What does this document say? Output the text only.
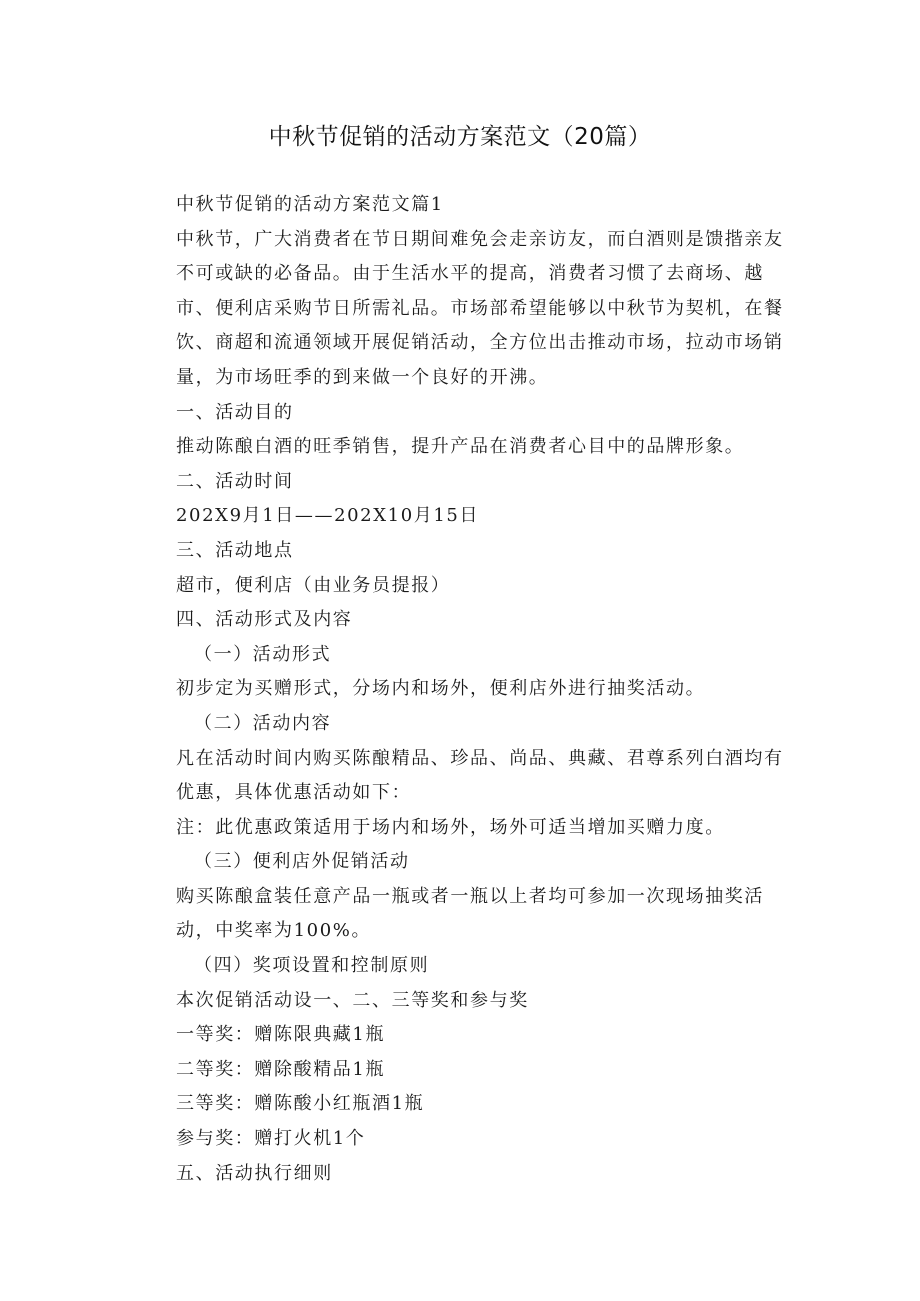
中秋节促销的活动方案范文（20篇）

中秋节促销的活动方案范文篇1

中秋节，广大消费者在节日期间难免会走亲访友，而白酒则是馈揩亲友不可或缺的必备品。由于生活水平的提高，消费者习惯了去商场、越市、便利店采购节日所需礼品。市场部希望能够以中秋节为契机，在餐饮、商超和流通领域开展促销活动，全方位出击推动市场，拉动市场销量，为市场旺季的到来做一个良好的开沸。

一、活动目的

推动陈酿白酒的旺季销售，提升产品在消费者心目中的品牌形象。

二、活动时间

202X9月1日——202X10月15日

三、活动地点

超市，便利店（由业务员提报）

四、活动形式及内容

（一）活动形式

初步定为买赠形式，分场内和场外，便利店外进行抽奖活动。

（二）活动内容

凡在活动时间内购买陈酿精品、珍品、尚品、典藏、君尊系列白酒均有优惠，具体优惠活动如下：

注：此优惠政策适用于场内和场外，场外可适当增加买赠力度。

（三）便利店外促销活动

购买陈酿盒装任意产品一瓶或者一瓶以上者均可参加一次现场抽奖活动，中奖率为100%。

（四）奖项设置和控制原则

本次促销活动设一、二、三等奖和参与奖

一等奖：赠陈限典藏1瓶

二等奖：赠除酸精品1瓶

三等奖：赠陈酸小红瓶酒1瓶

参与奖：赠打火机1个

五、活动执行细则
